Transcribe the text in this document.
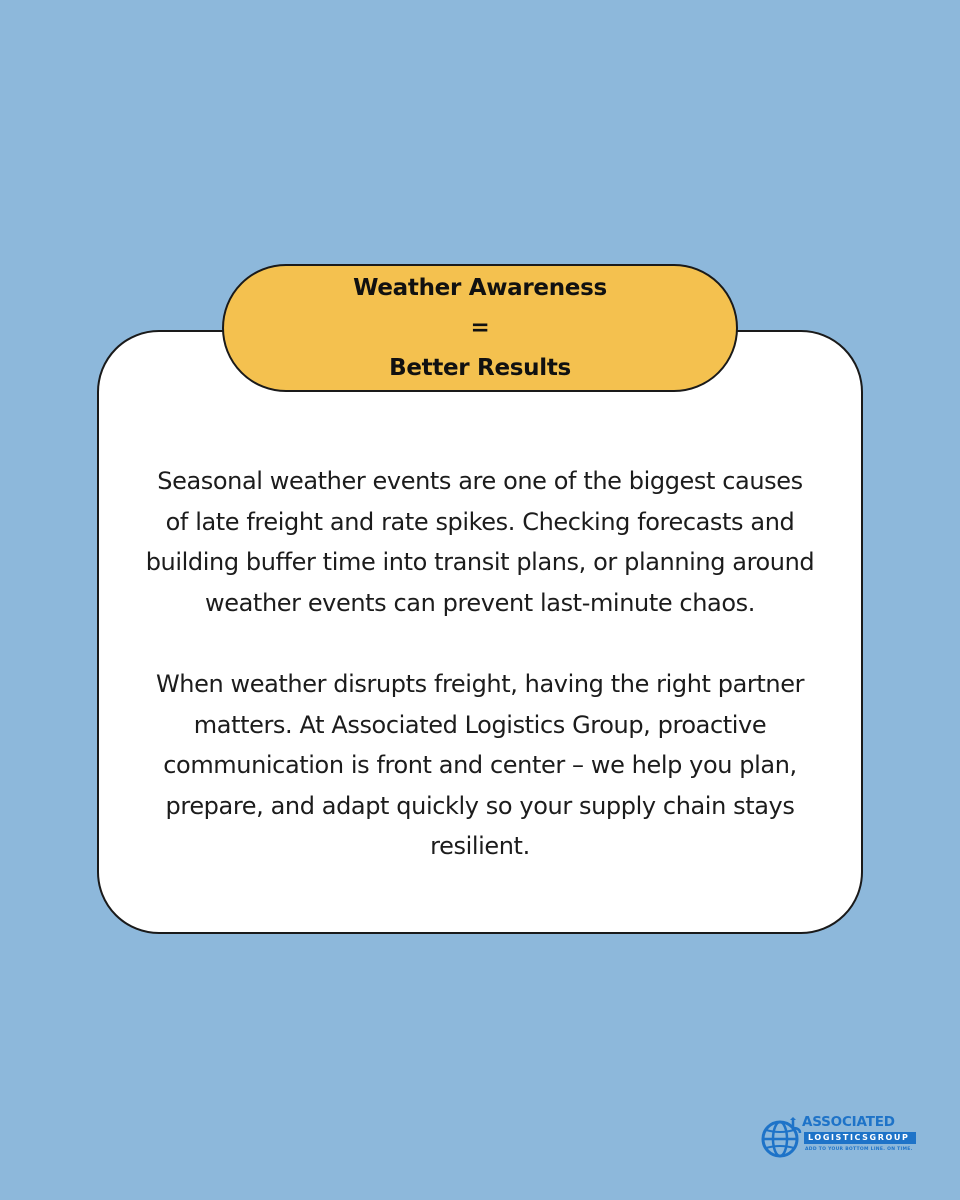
Weather Awareness
=
Better Results

Seasonal weather events are one of the biggest causes
of late freight and rate spikes. Checking forecasts and
building buffer time into transit plans, or planning around
weather events can prevent last-minute chaos.

When weather disrupts freight, having the right partner
matters. At Associated Logistics Group, proactive
communication is front and center – we help you plan,
prepare, and adapt quickly so your supply chain stays
resilient.

ASSOCIATED
LOGISTICSGROUP
ADD TO YOUR BOTTOM LINE. ON TIME.
